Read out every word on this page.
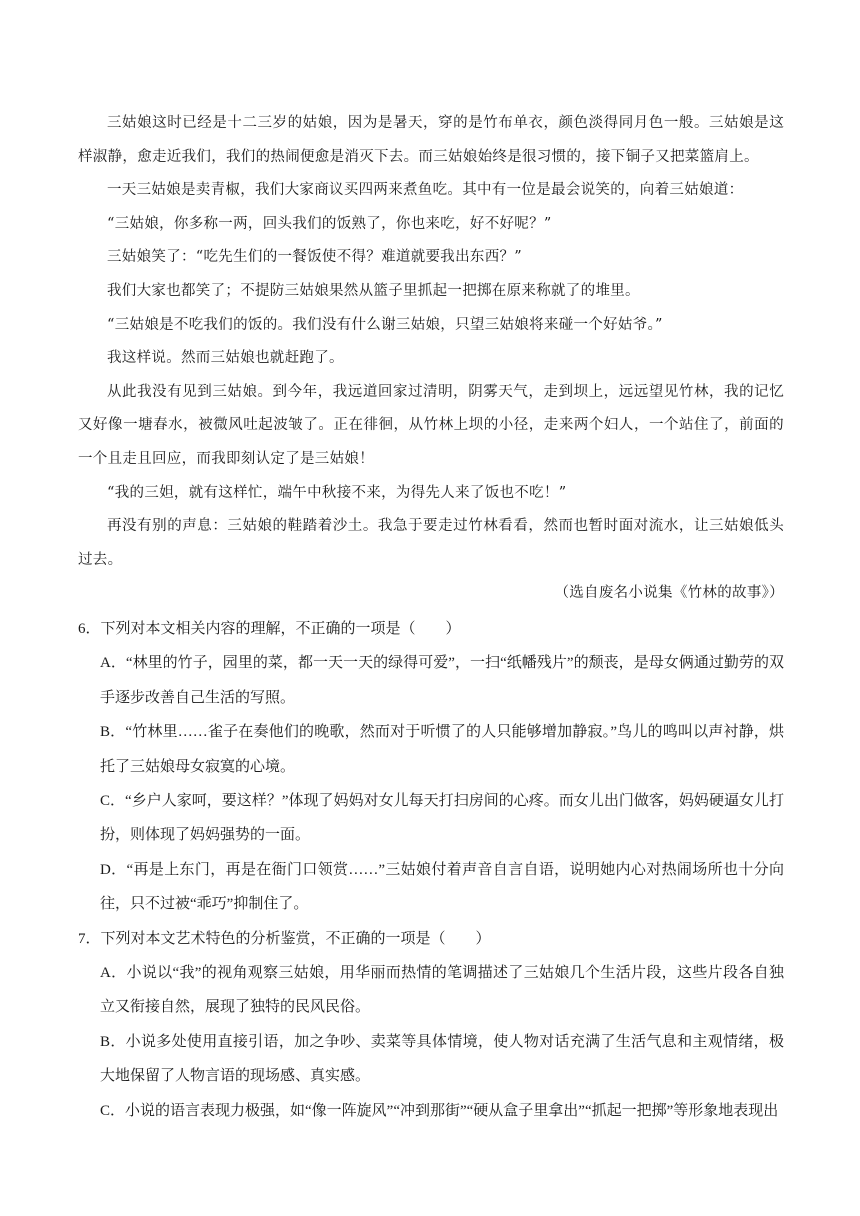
三姑娘这时已经是十二三岁的姑娘，因为是暑天，穿的是竹布单衣，颜色淡得同月色一般。三姑娘是这样淑静，愈走近我们，我们的热闹便愈是消灭下去。而三姑娘始终是很习惯的，接下铜子又把菜篮肩上。

一天三姑娘是卖青椒，我们大家商议买四两来煮鱼吃。其中有一位是最会说笑的，向着三姑娘道：

“三姑娘，你多称一两，回头我们的饭熟了，你也来吃，好不好呢？”

三姑娘笑了：“吃先生们的一餐饭使不得？难道就要我出东西？”

我们大家也都笑了；不提防三姑娘果然从篮子里抓起一把掷在原来称就了的堆里。

“三姑娘是不吃我们的饭的。我们没有什么谢三姑娘，只望三姑娘将来碰一个好姑爷。”

我这样说。然而三姑娘也就赶跑了。

从此我没有见到三姑娘。到今年，我远道回家过清明，阴雾天气，走到坝上，远远望见竹林，我的记忆又好像一塘春水，被微风吐起波皱了。正在徘徊，从竹林上坝的小径，走来两个妇人，一个站住了，前面的一个且走且回应，而我即刻认定了是三姑娘！

“我的三妲，就有这样忙，端午中秋接不来，为得先人来了饭也不吃！”

再没有别的声息：三姑娘的鞋踏着沙土。我急于要走过竹林看看，然而也暂时面对流水，让三姑娘低头过去。

（选自废名小说集《竹林的故事》）

6．下列对本文相关内容的理解，不正确的一项是（　　）

A．“林里的竹子，园里的菜，都一天一天的绿得可爱”，一扫“纸幡残片”的颓丧，是母女俩通过勤劳的双手逐步改善自己生活的写照。

B．“竹林里……雀子在奏他们的晚歌，然而对于听惯了的人只能够增加静寂。”鸟儿的鸣叫以声衬静，烘托了三姑娘母女寂寞的心境。

C．“乡户人家呵，要这样？”体现了妈妈对女儿每天打扫房间的心疼。而女儿出门做客，妈妈硬逼女儿打扮，则体现了妈妈强势的一面。

D．“再是上东门，再是在衙门口领赏……”三姑娘付着声音自言自语，说明她内心对热闹场所也十分向往，只不过被“乖巧”抑制住了。

7．下列对本文艺术特色的分析鉴赏，不正确的一项是（　　）

A．小说以“我”的视角观察三姑娘，用华丽而热情的笔调描述了三姑娘几个生活片段，这些片段各自独立又衔接自然，展现了独特的民风民俗。

B．小说多处使用直接引语，加之争吵、卖菜等具体情境，使人物对话充满了生活气息和主观情绪，极大地保留了人物言语的现场感、真实感。

C．小说的语言表现力极强，如“像一阵旋风”“冲到那街”“硬从盒子里拿出”“抓起一把掷”等形象地表现出
